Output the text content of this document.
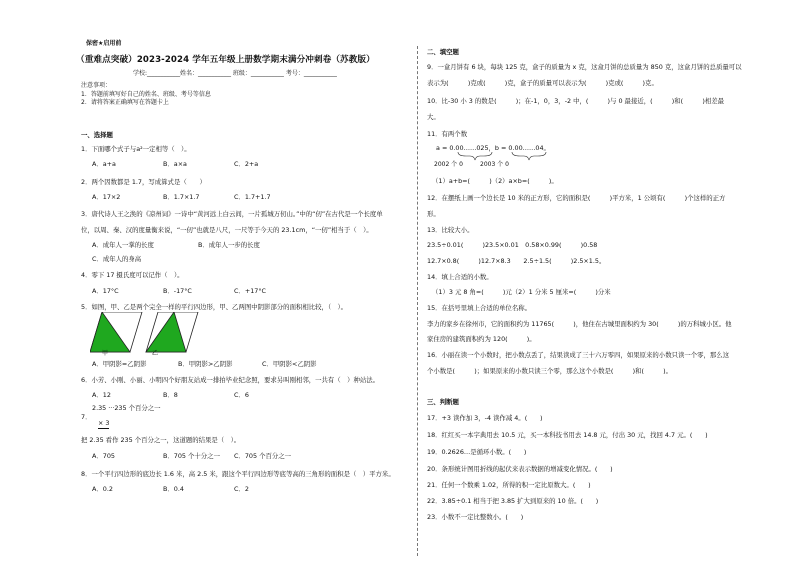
保密★启用前
（重难点突破）2023-2024 学年五年级上册数学期末满分冲刺卷（苏教版）
学校:___________姓名：___________ 班级：___________ 考号：___________
注意事项：
1．答题前填写好自己的姓名、班级、考号等信息
2．请将答案正确填写在答题卡上
一、选择题
1．下面哪个式子与a²一定相等（　）。
A．a+a	B．a×a	C．2+a
2．两个因数都是 1.7，写成算式是（　　）
A．17×2	B．1.7×1.7	C．1.7+1.7
3．唐代诗人王之涣的《凉州词》一诗中“黄河远上白云间，一片孤城万仞山。”中的“仞”在古代是一个长度单
位，以周、秦、汉的度量衡来说，“一仞”也就是八尺，一尺等于今天的 23.1cm，“一仞”相当于（　）。
A．成年人一掌的长度	B．成年人一步的长度
C．成年人的身高
4．零下 17 摄氏度可以记作（　）。
A．17°C	B．-17°C	C．+17°C
5．如图，甲、乙是两个完全一样的平行四边形，甲、乙两图中阴影部分的面积相比较，（　）。
甲	乙
A．甲阴影=乙阴影	B．甲阴影>乙阴影	C．甲阴影<乙阴影
6．小芳、小刚、小丽、小明四个好朋友站成一排拍毕业纪念照，要求另叫刚相邻，一共有（　）种站法。
A．12	B．8	C．6
7．
2.35 ···235 个百分之一
× 3
把 2.35 看作 235 个百分之一，这道题的结果是（　）。
A．705	B．705 个十分之一 C．705 个百分之一
8．一个平行四边形的底边长 1.6 米，高 2.5 米，跟这个平行四边形等底等高的三角形的面积是（　）平方米。
A．0.2	B．0.4	C．2
二、填空题
9．一盒月饼有 6 块，每块 125 克，盒子的质量为 x 克，这盒月饼的总质量为 850 克，这盒月饼的总质量可以
表示为(　　　)克或(　　　)克，盒子的质量可以表示为(　　　)克或(　　　)克。
10．比-30 小 3 的数是(　　　)；在-1，0，3，-2 中，(　　　)与 0 最接近，(　　　)和(　　　)相差最
大。
11．有两个数
a = 0.00……025，b = 0.00……04。
2002 个 0	2003 个 0
（1）a+b=(　　　)（2）a×b=(　　　)。
12．在摆纸上画一个边长是 10 米的正方形，它的面积是(　　　)平方米，1 公顷有(　　　)个这样的正方
形。
13．比较大小。
23.5÷0.01(　　　)23.5×0.01　0.58×0.99(　　　)0.58
12.7×0.8(　　　)12.7×8.3　　2.5÷1.5(　　　)2.5×1.5。
14．填上合适的小数。
（1）3 元 8 角=(　　　)元（2）1 分米 5 厘米=(　　　)分米
15．在括号里填上合适的单位名称。
李力的家乡在徐州市，它的面积约为 11765(　　　)，他住在古城里面积约为 30(　　　)的万科城小区。他
家住房的建筑面积约为 120(　　　)。
16．小丽在读一个小数时，把小数点丢了，结果读成了三十六万零四，如果原来的小数只读一个零，那么这
个小数是(　　　)；如果原来的小数只读三个零，那么这个小数是(　　　)和(　　　)。
三、判断题
17．+3 读作加 3，-4 读作减 4。(　　)
18．红红买一本字典用去 10.5 元，买一本科技书用去 14.8 元，付出 30 元，找回 4.7 元。(　　)
19．0.2626…是循环小数。(　　)
20．条形统计图用折线的起伏来表示数据的增减变化情况。(　　)
21．任何一个数乘 1.02，所得的积一定比原数大。(　　)
22．3.85÷0.1 相当于把 3.85 扩大到原来的 10 倍。(　　)
23．小数不一定比整数小。(　　)
